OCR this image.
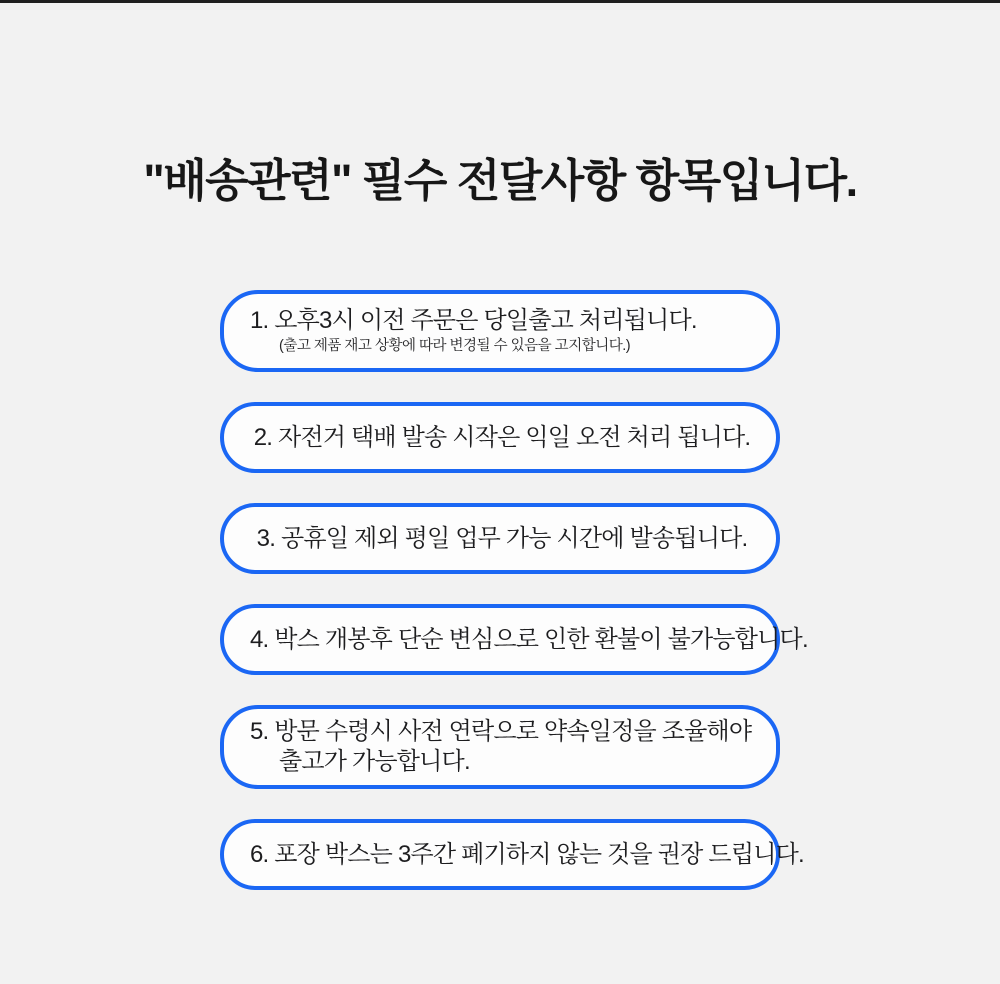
"배송관련" 필수 전달사항 항목입니다.
1. 오후3시 이전 주문은 당일출고 처리됩니다.
(출고 제품 재고 상황에 따라 변경될 수 있음을 고지합니다.)
2. 자전거 택배 발송 시작은 익일 오전 처리 됩니다.
3. 공휴일 제외 평일 업무 가능 시간에 발송됩니다.
4. 박스 개봉후 단순 변심으로 인한 환불이 불가능합니다.
5. 방문 수령시 사전 연락으로 약속일정을 조율해야
출고가 가능합니다.
6. 포장 박스는 3주간 폐기하지 않는 것을 권장 드립니다.
